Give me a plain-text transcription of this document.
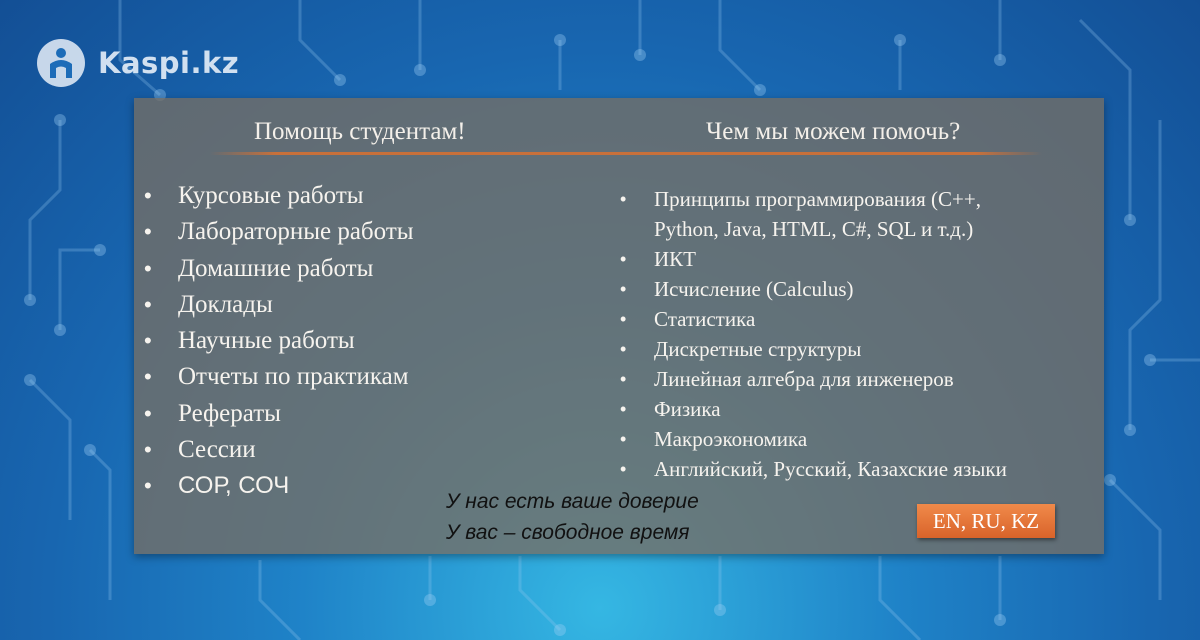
Kaspi.kz
Помощь студентам!	Чем мы можем помочь?
• Курсовые работы
• Лабораторные работы
• Домашние работы
• Доклады
• Научные работы
• Отчеты по практикам
• Рефераты
• Сессии
• СОР, СОЧ
• Принципы программирования (C++,
Python, Java, HTML, C#, SQL и т.д.)
• ИКТ
• Исчисление (Calculus)
• Статистика
• Дискретные структуры
• Линейная алгебра для инженеров
• Физика
• Макроэкономика
• Английский, Русский, Казахские языки
У нас есть ваше доверие
У вас – свободное время	EN, RU, KZ
